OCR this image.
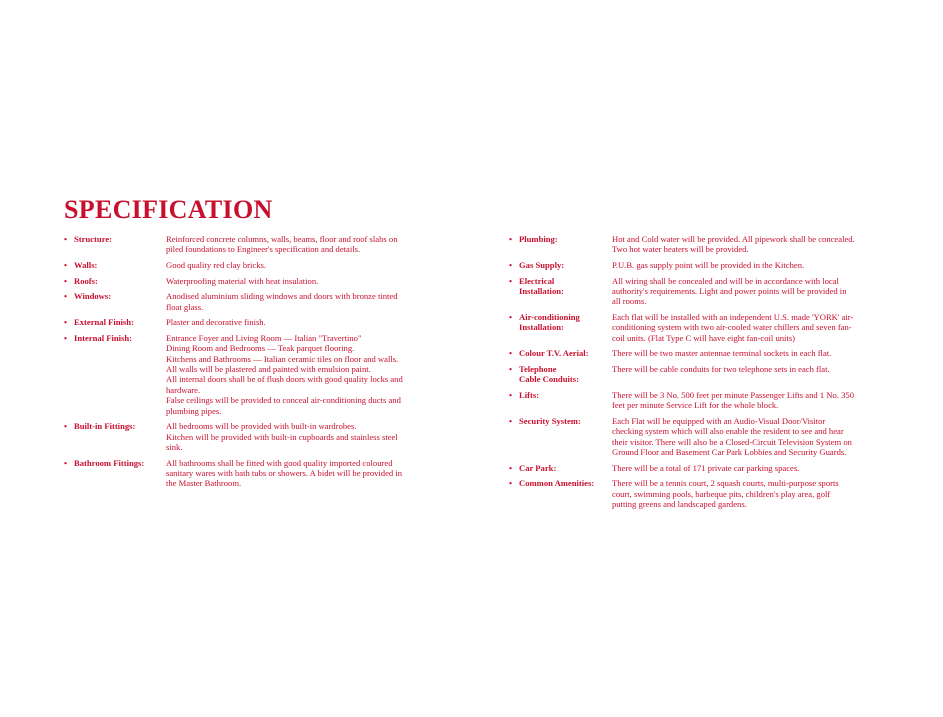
SPECIFICATION
• Structure:	Reinforced concrete columns, walls, beams, floor and roof slabs on
piled foundations to Engineer's specification and details.
• Walls:	Good quality red clay bricks.
• Roofs:	Waterproofing material with heat insulation.
• Windows:	Anodised aluminium sliding windows and doors with bronze tinted
float glass.
• External Finish:	Plaster and decorative finish.
• Internal Finish:	Entrance Foyer and Living Room — Italian "Travertino"
Dining Room and Bedrooms — Teak parquet flooring.
Kitchens and Bathrooms — Italian ceramic tiles on floor and walls.
All walls will be plastered and painted with emulsion paint.
All internal doors shall be of flush doors with good quality locks and
hardware.
False ceilings will be provided to conceal air-conditioning ducts and
plumbing pipes.
• Built-in Fittings:	All bedrooms will be provided with built-in wardrobes.
Kitchen will be provided with built-in cupboards and stainless steel
sink.
• Bathroom Fittings:	All bathrooms shall be fitted with good quality imported coloured
sanitary wares with bath tubs or showers. A bidet will be provided in
the Master Bathroom.
• Plumbing:	Hot and Cold water will be provided. All pipework shall be concealed.
Two hot water heaters will be provided.
• Gas Supply:	P.U.B. gas supply point will be provided in the Kitchen.
• Electrical
Installation:
All wiring shall be concealed and will be in accordance with local
authority's requirements. Light and power points will be provided in
all rooms.
• Air-conditioning
Installation:
Each flat will be installed with an independent U.S. made 'YORK' air-
conditioning system with two air-cooled water chillers and seven fan-
coil units. (Flat Type C will have eight fan-coil units)
• Colour T.V. Aerial:	There will be two master antennae terminal sockets in each flat.
• Telephone
Cable Conduits:
There will be cable conduits for two telephone sets in each flat.
• Lifts:	There will be 3 No. 500 feet per minute Passenger Lifts and 1 No. 350
feet per minute Service Lift for the whole block.
• Security System:	Each Flat will be equipped with an Audio-Visual Door/Visitor
checking system which will also enable the resident to see and hear
their visitor. There will also be a Closed-Circuit Television System on
Ground Floor and Basement Car Park Lobbies and Security Guards.
• Car Park:	There will be a total of 171 private car parking spaces.
• Common Amenities:	There will be a tennis court, 2 squash courts, multi-purpose sports
court, swimming pools, barbeque pits, children's play area, golf
putting greens and landscaped gardens.
